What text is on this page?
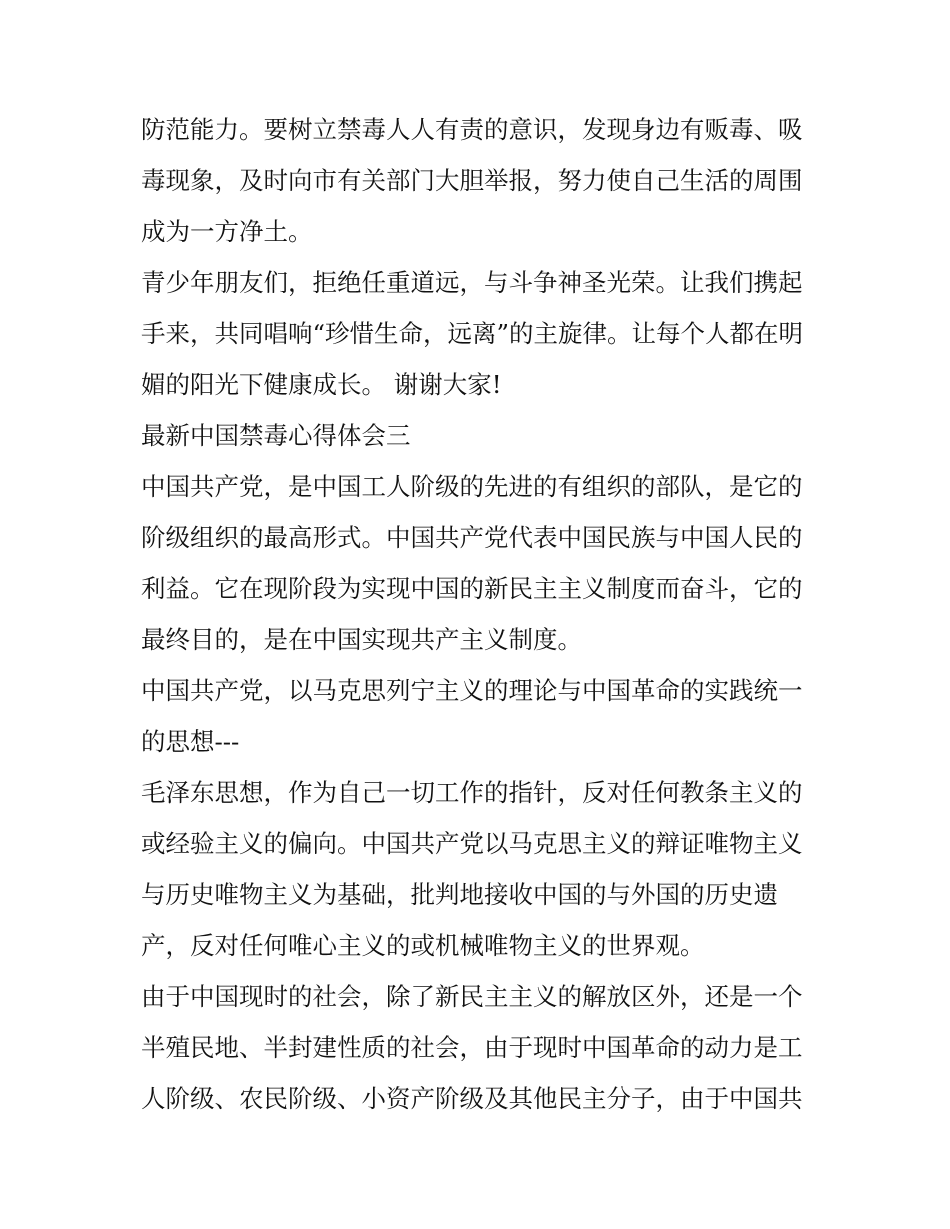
防范能力。要树立禁毒人人有责的意识，发现身边有贩毒、吸
毒现象，及时向市有关部门大胆举报，努力使自己生活的周围
成为一方净土。
青少年朋友们，拒绝任重道远，与斗争神圣光荣。让我们携起
手来，共同唱响“珍惜生命，远离”的主旋律。让每个人都在明
媚的阳光下健康成长。 谢谢大家!
最新中国禁毒心得体会三
中国共产党，是中国工人阶级的先进的有组织的部队，是它的
阶级组织的最高形式。中国共产党代表中国民族与中国人民的
利益。它在现阶段为实现中国的新民主主义制度而奋斗，它的
最终目的，是在中国实现共产主义制度。
中国共产党，以马克思列宁主义的理论与中国革命的实践统一
的思想---
毛泽东思想，作为自己一切工作的指针，反对任何教条主义的
或经验主义的偏向。中国共产党以马克思主义的辩证唯物主义
与历史唯物主义为基础，批判地接收中国的与外国的历史遗
产，反对任何唯心主义的或机械唯物主义的世界观。
由于中国现时的社会，除了新民主主义的解放区外，还是一个
半殖民地、半封建性质的社会，由于现时中国革命的动力是工
人阶级、农民阶级、小资产阶级及其他民主分子，由于中国共
